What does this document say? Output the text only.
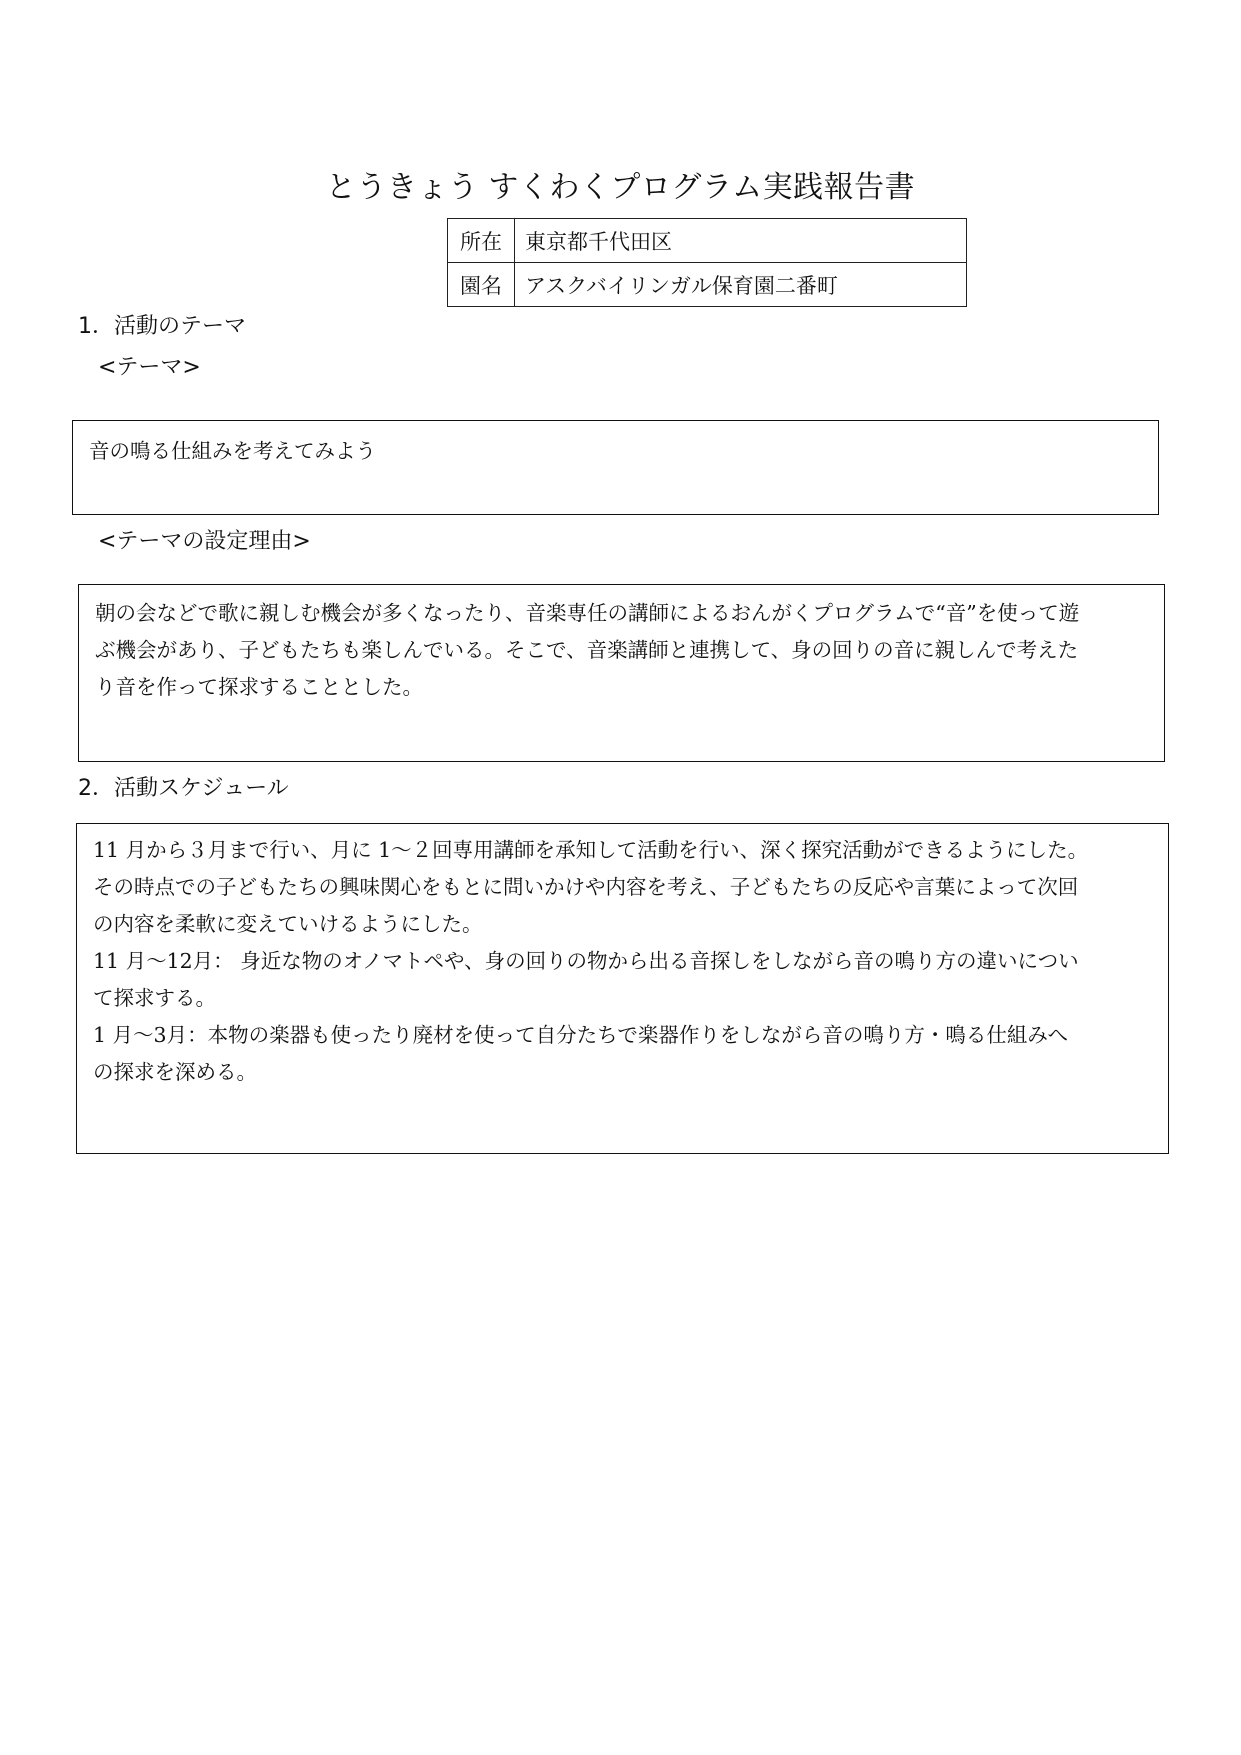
とうきょう すくわくプログラム実践報告書
所在	東京都千代田区
園名	アスクバイリンガル保育園二番町
1．活動のテーマ
<テーマ>

音の鳴る仕組みを考えてみよう

<テーマの設定理由>

朝の会などで歌に親しむ機会が多くなったり、音楽専任の講師によるおんがくプログラムで“音”を使って遊

ぶ機会があり、子どもたちも楽しんでいる。そこで、音楽講師と連携して、身の回りの音に親しんで考えた

り音を作って探求することとした。

2．活動スケジュール

11 月から３月まで行い、月に 1～２回専用講師を承知して活動を行い、深く探究活動ができるようにした。

その時点での子どもたちの興味関心をもとに問いかけや内容を考え、子どもたちの反応や言葉によって次回

の内容を柔軟に変えていけるようにした。

11 月～12月： 身近な物のオノマトペや、身の回りの物から出る音探しをしながら音の鳴り方の違いについ

て探求する。

1 月～3月：本物の楽器も使ったり廃材を使って自分たちで楽器作りをしながら音の鳴り方・鳴る仕組みへ

の探求を深める。
